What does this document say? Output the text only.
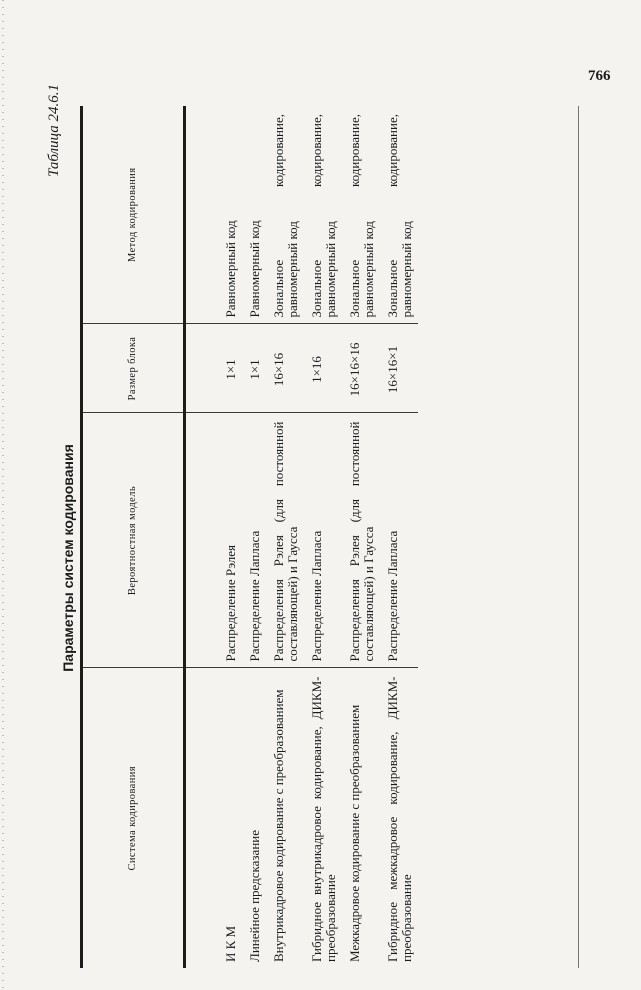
766
Таблица 24.6.1
Параметры систем кодирования
Система кодирования	Вероятностная модель	Размер блока	Метод кодирования
И К М	Распределение Рэлея	1×1	Равномерный код
Линейное предсказание	Распределение Лапласа	1×1	Равномерный код
Внутрикадровое кодирование с преобразованием	Распределения Рэлея (для постоянной составляющей) и Гаусса	16×16	Зональное кодирование, равномерный код
Гибридное внутрикадровое кодирование, ДИКМ-преобразование	Распределение Лапласа	1×16	Зональное кодирование, равномерный код
Межкадровое кодирование с преобразованием	Распределения Рэлея (для постоянной составляющей) и Гаусса	16×16×16	Зональное кодирование, равномерный код
Гибридное межкадровое кодирование, ДИКМ-преобразование	Распределение Лапласа	16×16×1	Зональное кодирование, равномерный код
